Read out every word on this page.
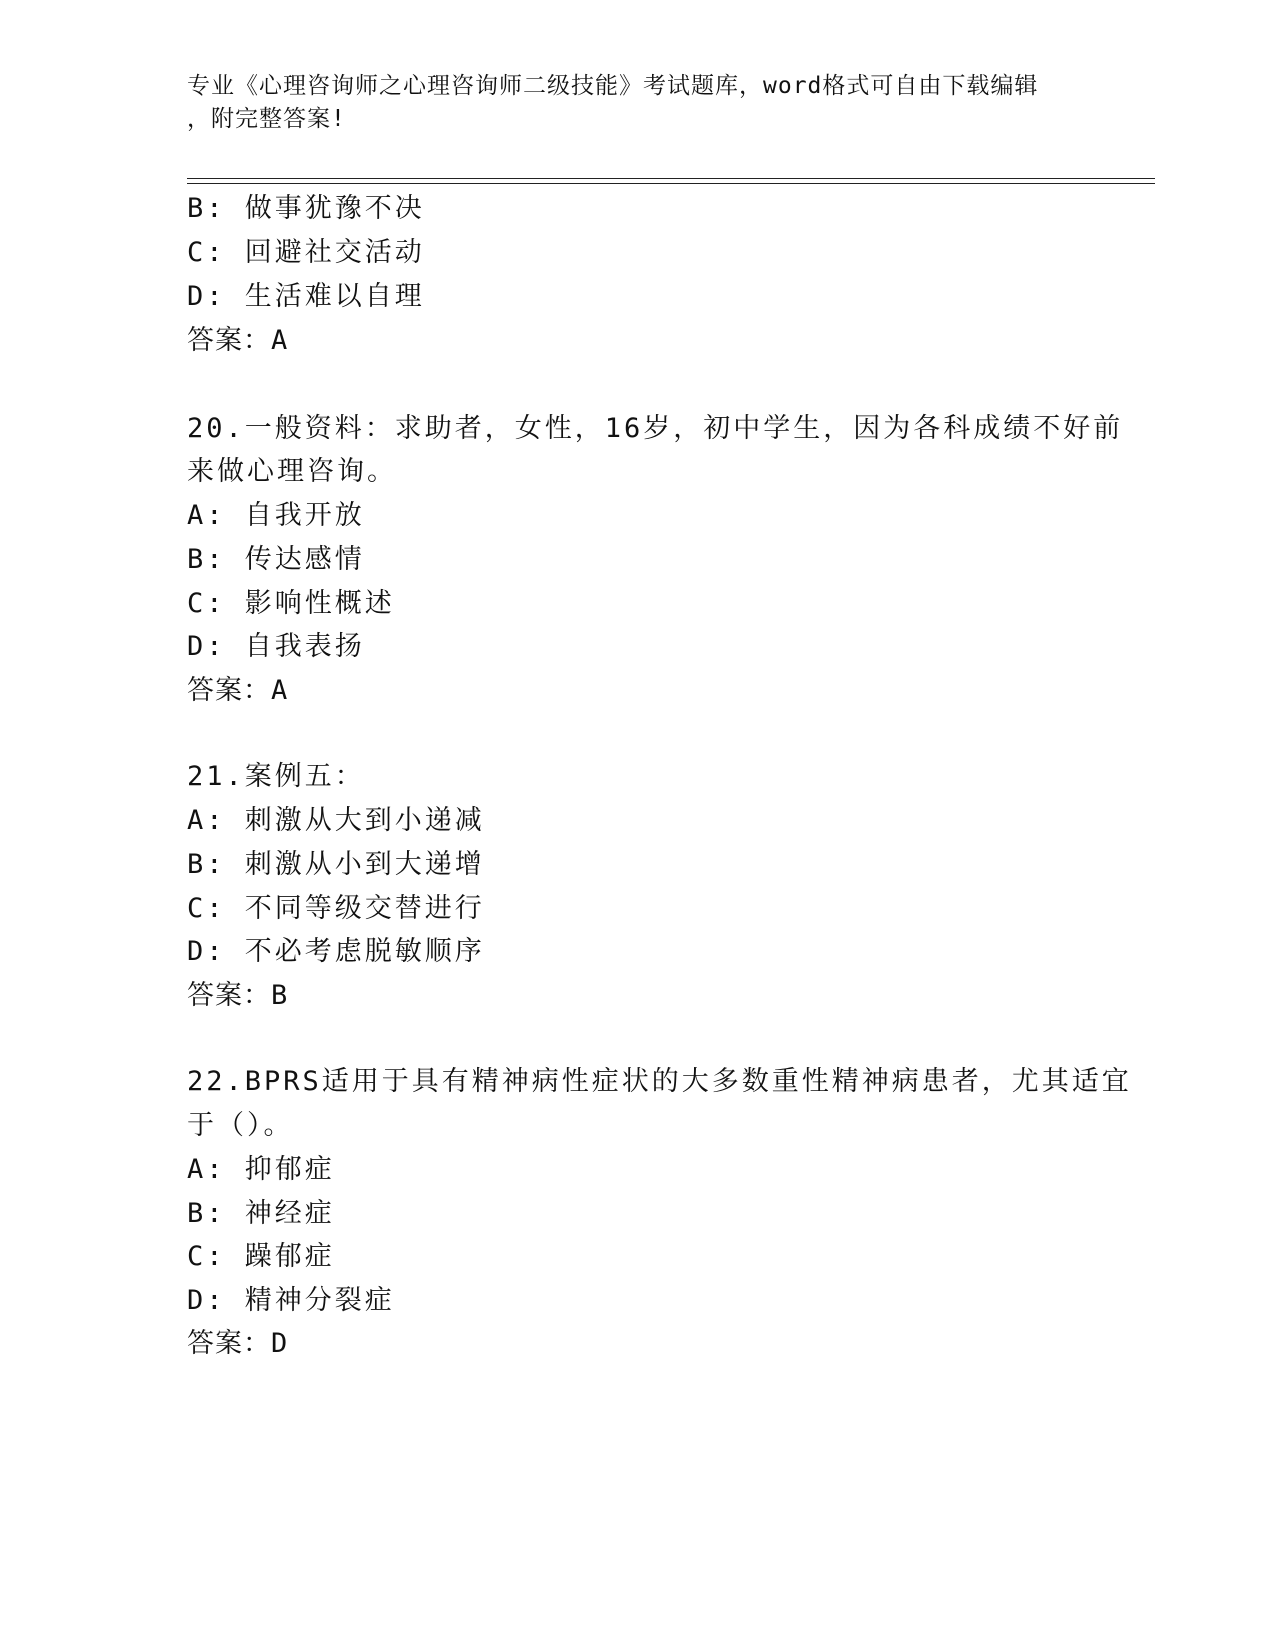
专业《心理咨询师之心理咨询师二级技能》考试题库，word格式可自由下载编辑
，附完整答案!
B: 做事犹豫不决
C: 回避社交活动
D: 生活难以自理
答案：A
20.一般资料：求助者，女性，16岁，初中学生，因为各科成绩不好前
来做心理咨询。
A: 自我开放
B: 传达感情
C: 影响性概述
D: 自我表扬
答案：A
21.案例五：
A: 刺激从大到小递减
B: 刺激从小到大递增
C: 不同等级交替进行
D: 不必考虑脱敏顺序
答案：B
22.BPRS适用于具有精神病性症状的大多数重性精神病患者，尤其适宜
于（）。
A: 抑郁症
B: 神经症
C: 躁郁症
D: 精神分裂症
答案：D
